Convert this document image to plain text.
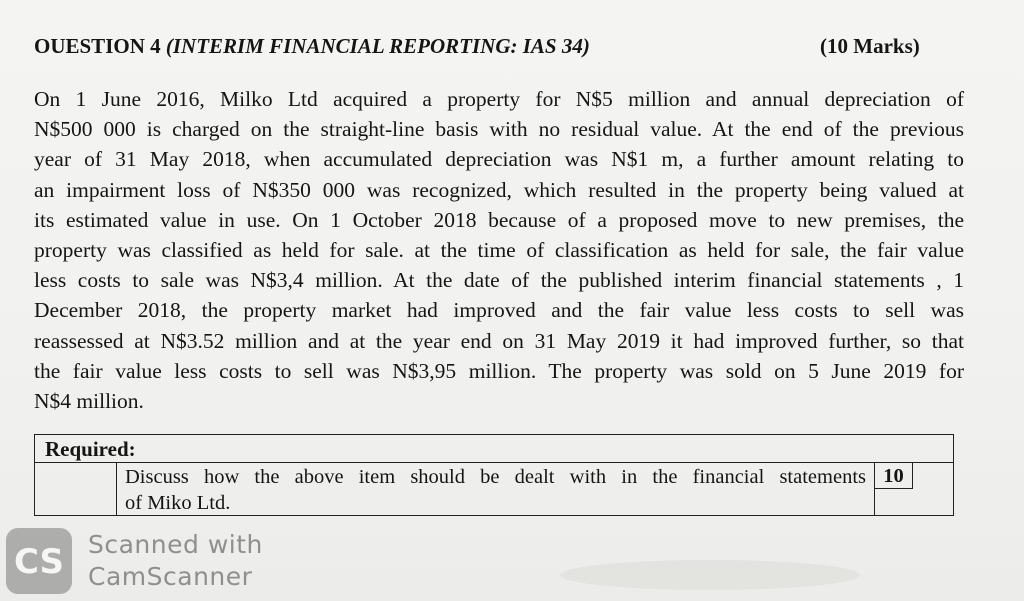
OUESTION 4 (INTERIM FINANCIAL REPORTING: IAS 34)	(10 Marks)
On 1 June 2016, Milko Ltd acquired a property for N$5 million and annual depreciation of
N$500 000 is charged on the straight-line basis with no residual value. At the end of the previous
year of 31 May 2018, when accumulated depreciation was N$1 m, a further amount relating to
an impairment loss of N$350 000 was recognized, which resulted in the property being valued at
its estimated value in use. On 1 October 2018 because of a proposed move to new premises, the
property was classified as held for sale. at the time of classification as held for sale, the fair value
less costs to sale was N$3,4 million. At the date of the published interim financial statements , 1
December 2018, the property market had improved and the fair value less costs to sell was
reassessed at N$3.52 million and at the year end on 31 May 2019 it had improved further, so that
the fair value less costs to sell was N$3,95 million. The property was sold on 5 June 2019 for
N$4 million.
Required:
Discuss how the above item should be dealt with in the financial statements
of Miko Ltd.
10
CS Scanned with
CamScanner
